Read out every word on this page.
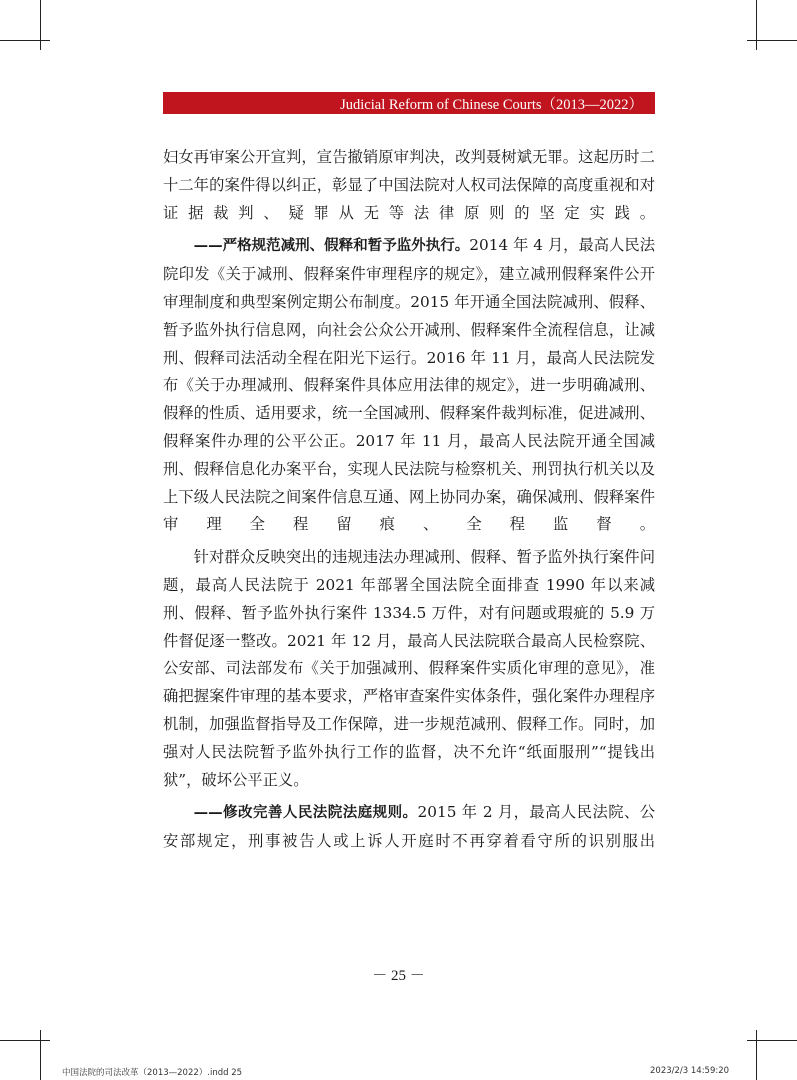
Judicial Reform of Chinese Courts（2013—2022）

妇女再审案公开宣判，宣告撤销原审判决，改判聂树斌无罪。这起历时二十二年的案件得以纠正，彰显了中国法院对人权司法保障的高度重视和对证据裁判、疑罪从无等法律原则的坚定实践。

——严格规范减刑、假释和暂予监外执行。2014 年 4 月，最高人民法院印发《关于减刑、假释案件审理程序的规定》，建立减刑假释案件公开审理制度和典型案例定期公布制度。2015 年开通全国法院减刑、假释、暂予监外执行信息网，向社会公众公开减刑、假释案件全流程信息，让减刑、假释司法活动全程在阳光下运行。2016 年 11 月，最高人民法院发布《关于办理减刑、假释案件具体应用法律的规定》，进一步明确减刑、假释的性质、适用要求，统一全国减刑、假释案件裁判标准，促进减刑、假释案件办理的公平公正。2017 年 11 月，最高人民法院开通全国减刑、假释信息化办案平台，实现人民法院与检察机关、刑罚执行机关以及上下级人民法院之间案件信息互通、网上协同办案，确保减刑、假释案件审理全程留痕、全程监督。

针对群众反映突出的违规违法办理减刑、假释、暂予监外执行案件问题，最高人民法院于 2021 年部署全国法院全面排查 1990 年以来减刑、假释、暂予监外执行案件 1334.5 万件，对有问题或瑕疵的 5.9 万件督促逐一整改。2021 年 12 月，最高人民法院联合最高人民检察院、公安部、司法部发布《关于加强减刑、假释案件实质化审理的意见》，准确把握案件审理的基本要求，严格审查案件实体条件，强化案件办理程序机制，加强监督指导及工作保障，进一步规范减刑、假释工作。同时，加强对人民法院暂予监外执行工作的监督，决不允许“纸面服刑”“提钱出狱”，破坏公平正义。

——修改完善人民法院法庭规则。2015 年 2 月，最高人民法院、公安部规定，刑事被告人或上诉人开庭时不再穿着看守所的识别服出

－ 25 －
中国法院的司法改革（2013—2022）.indd 25	2023/2/3 14:59:20
